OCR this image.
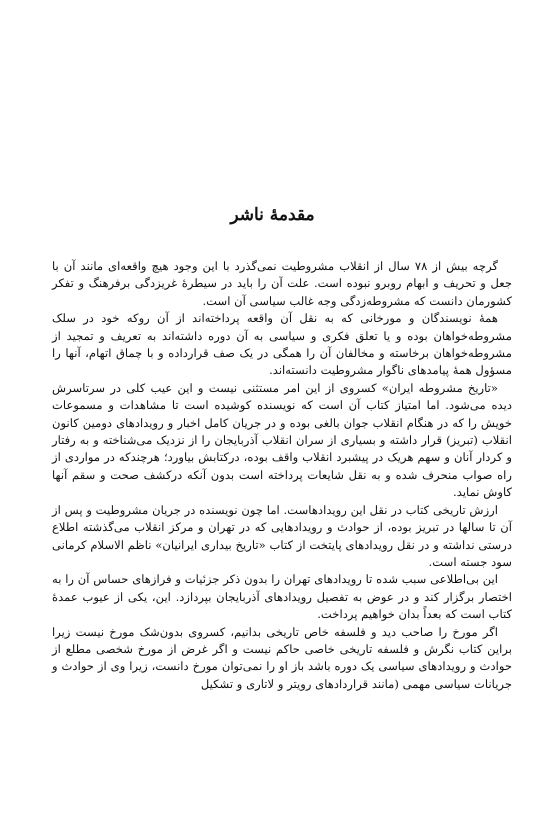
مقدمهٔ ناشر

گرچه بیش از ۷۸ سال از انقلاب مشروطیت نمی‌گذرد با این وجود هیچ واقعه‌ای مانند آن با جعل و تحریف و ابهام روبرو نبوده است. علت آن را باید در سیطرهٔ غریزدگی برفرهنگ و تفکر کشورمان دانست که مشروطه‌زدگی وجه غالب سیاسی آن است.

همهٔ نویسندگان و مورخانی که به نقل آن واقعه پرداخته‌اند از آن روکه خود در سلک مشروطه‌خواهان بوده و یا تعلق فکری و سیاسی به آن دوره داشته‌اند به تعریف و تمجید از مشروطه‌خواهان برخاسته و مخالفان آن را همگی در یک صف قرارداده و با چماق اتهام، آنها را مسؤول همهٔ پیامدهای ناگوار مشروطیت دانسته‌اند.

«تاریخ مشروطه ایران» کسروی از این امر مستثنی نیست و این عیب کلی در سرتاسرش دیده می‌شود. اما امتیاز کتاب آن است که نویسنده کوشیده است تا مشاهدات و مسموعات خویش را که در هنگام انقلاب جوان بالغی بوده و در جریان کامل اخبار و رویدادهای دومین کانون انقلاب (تبریز) قرار داشته و بسیاری از سران انقلاب آذربایجان را از نزدیک می‌شناخته و به رفتار و کردار آنان و سهم هریک در پیشبرد انقلاب واقف بوده، درکتابش بیاورد؛ هرچندکه در مواردی از راه صواب منحرف شده و به نقل شایعات پرداخته است بدون آنکه درکشف صحت و سقم آنها کاوش نماید.

ارزش تاریخی کتاب در نقل این رویدادهاست. اما چون نویسنده در جریان مشروطیت و پس از آن تا سالها در تبریز بوده، از حوادث و رویدادهایی که در تهران و مرکز انقلاب می‌گذشته اطلاع درستی نداشته و در نقل رویدادهای پایتخت از کتاب «تاریخ بیداری ایرانیان» ناظم الاسلام کرمانی سود جسته است.

این بی‌اطلاعی سبب شده تا رویدادهای تهران را بدون ذکر جزئیات و فرازهای حساس آن را به اختصار برگزار کند و در عوض به تفصیل رویدادهای آذربایجان بپردازد. این، یکی از عیوب عمدهٔ کتاب است که بعداً بدان خواهیم پرداخت.

اگر مورخ را صاحب دید و فلسفه خاص تاریخی بدانیم، کسروی بدون‌شک مورخ نیست زیرا براین کتاب نگرش و فلسفه تاریخی خاصی حاکم نیست و اگر غرض از مورخ شخصی مطلع از حوادث و رویدادهای سیاسی یک دوره باشد باز او را نمی‌توان مورخ دانست، زیرا وی از حوادث و جریانات سیاسی مهمی (مانند قراردادهای رویتر و لاتاری و تشکیل
